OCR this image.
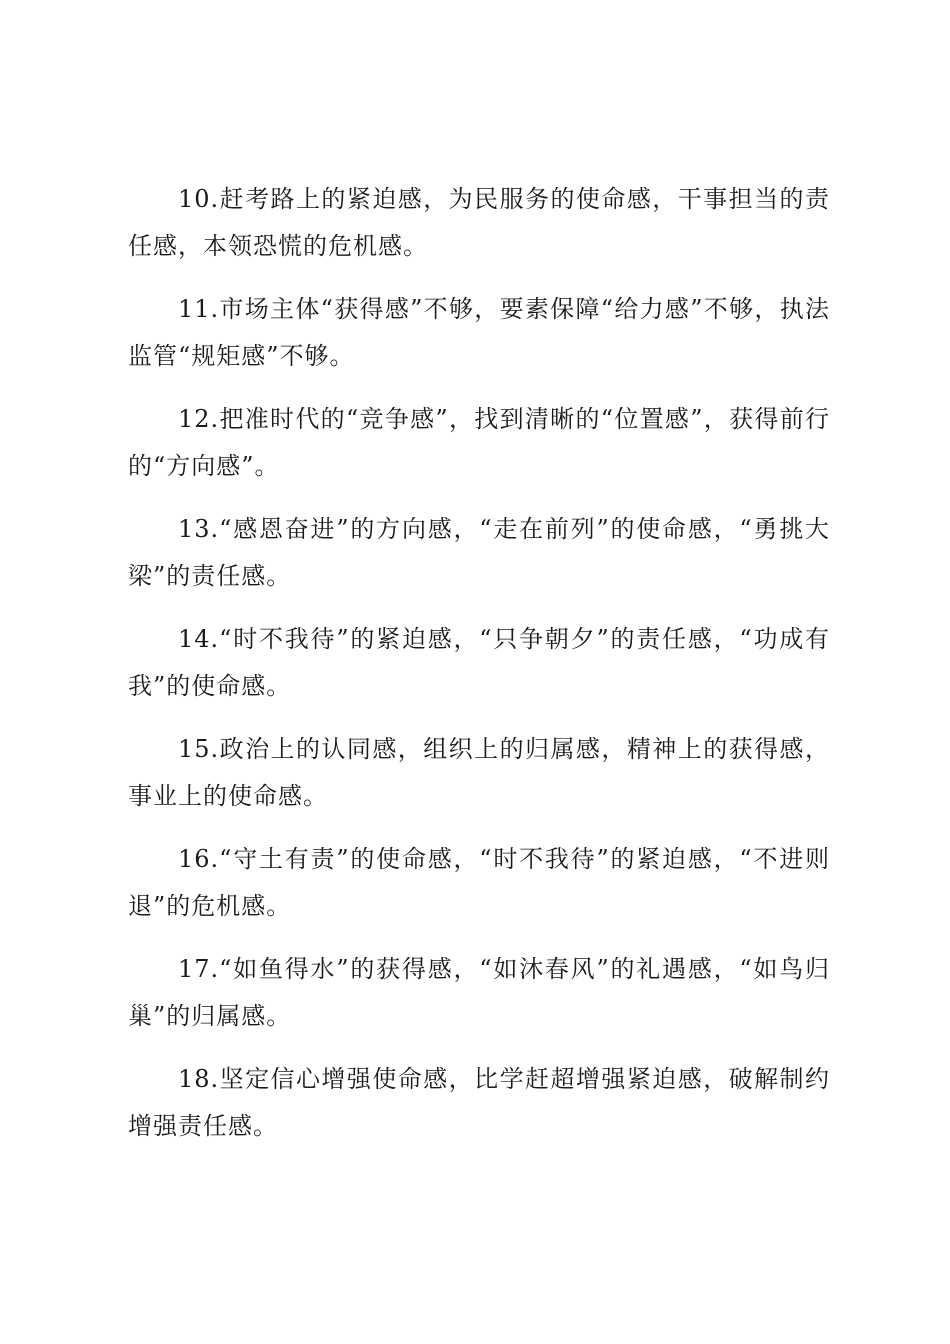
10.赶考路上的紧迫感，为民服务的使命感，干事担当的责任感，本领恐慌的危机感。

11.市场主体“获得感”不够，要素保障“给力感”不够，执法监管“规矩感”不够。

12.把准时代的“竞争感”，找到清晰的“位置感”，获得前行的“方向感”。

13.“感恩奋进”的方向感，“走在前列”的使命感，“勇挑大梁”的责任感。

14.“时不我待”的紧迫感，“只争朝夕”的责任感，“功成有我”的使命感。

15.政治上的认同感，组织上的归属感，精神上的获得感，事业上的使命感。

16.“守土有责”的使命感，“时不我待”的紧迫感，“不进则退”的危机感。

17.“如鱼得水”的获得感，“如沐春风”的礼遇感，“如鸟归巢”的归属感。

18.坚定信心增强使命感，比学赶超增强紧迫感，破解制约增强责任感。
